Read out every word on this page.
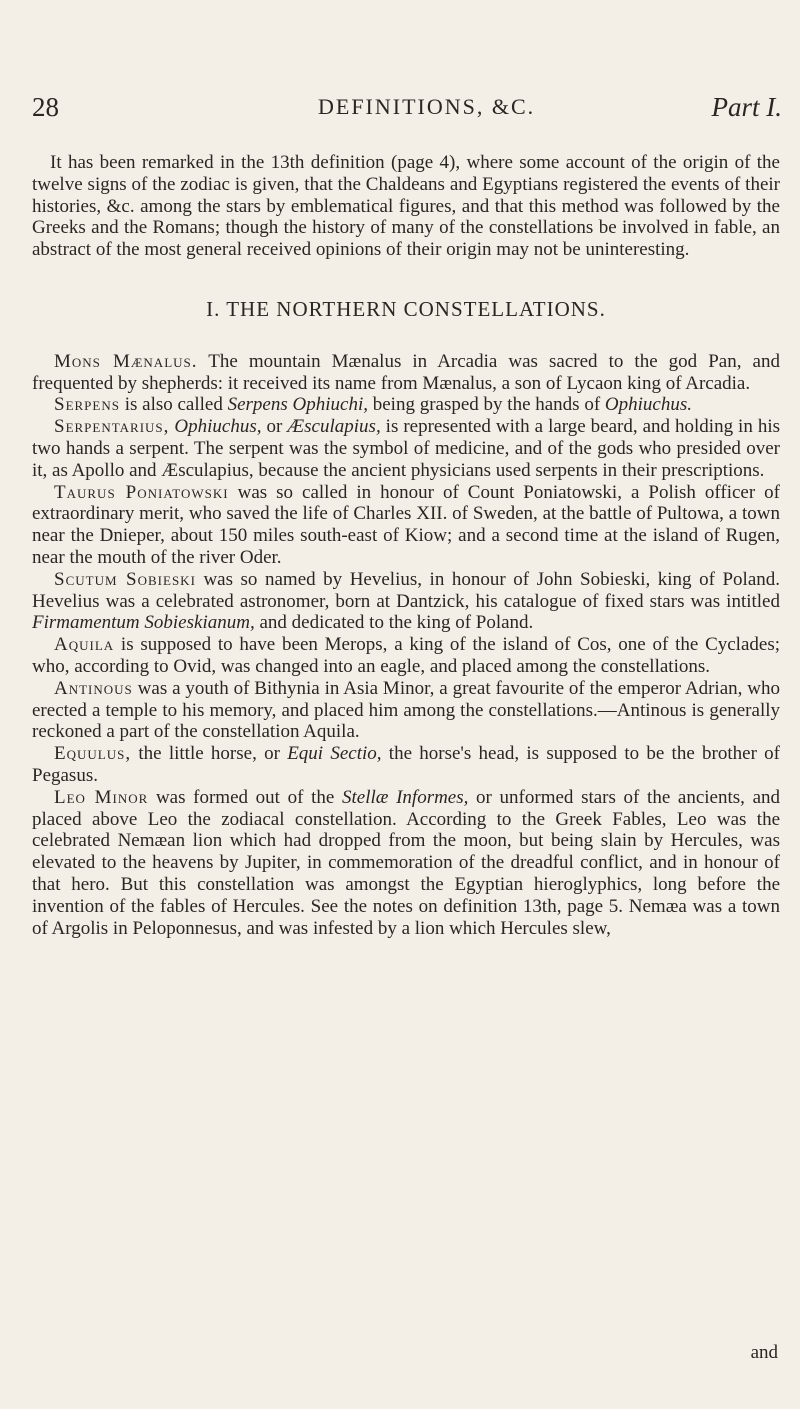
28	DEFINITIONS, &C.	Part I.

It has been remarked in the 13th definition (page 4), where some account of the origin of the twelve signs of the zodiac is given, that the Chaldeans and Egyptians registered the events of their histories, &c. among the stars by emblematical figures, and that this method was followed by the Greeks and the Romans; though the history of many of the constellations be involved in fable, an abstract of the most general received opinions of their origin may not be uninteresting.

I. THE NORTHERN CONSTELLATIONS.

Mons Mænalus. The mountain Mænalus in Arcadia was sacred to the god Pan, and frequented by shepherds: it received its name from Mænalus, a son of Lycaon king of Arcadia.

Serpens is also called Serpens Ophiuchi, being grasped by the hands of Ophiuchus.

Serpentarius, Ophiuchus, or Æsculapius, is represented with a large beard, and holding in his two hands a serpent. The serpent was the symbol of medicine, and of the gods who presided over it, as Apollo and Æsculapius, because the ancient physicians used serpents in their prescriptions.

Taurus Poniatowski was so called in honour of Count Poniatowski, a Polish officer of extraordinary merit, who saved the life of Charles XII. of Sweden, at the battle of Pultowa, a town near the Dnieper, about 150 miles south-east of Kiow; and a second time at the island of Rugen, near the mouth of the river Oder.

Scutum Sobieski was so named by Hevelius, in honour of John Sobieski, king of Poland. Hevelius was a celebrated astronomer, born at Dantzick, his catalogue of fixed stars was intitled Firmamentum Sobieskianum, and dedicated to the king of Poland.

Aquila is supposed to have been Merops, a king of the island of Cos, one of the Cyclades; who, according to Ovid, was changed into an eagle, and placed among the constellations.

Antinous was a youth of Bithynia in Asia Minor, a great favourite of the emperor Adrian, who erected a temple to his memory, and placed him among the constellations.—Antinous is generally reckoned a part of the constellation Aquila.

Equulus, the little horse, or Equi Sectio, the horse's head, is supposed to be the brother of Pegasus.

Leo Minor was formed out of the Stellæ Informes, or unformed stars of the ancients, and placed above Leo the zodiacal constellation. According to the Greek Fables, Leo was the celebrated Nemæan lion which had dropped from the moon, but being slain by Hercules, was elevated to the heavens by Jupiter, in commemoration of the dreadful conflict, and in honour of that hero. But this constellation was amongst the Egyptian hieroglyphics, long before the invention of the fables of Hercules. See the notes on definition 13th, page 5. Nemæa was a town of Argolis in Peloponnesus, and was infested by a lion which Hercules slew,

and
